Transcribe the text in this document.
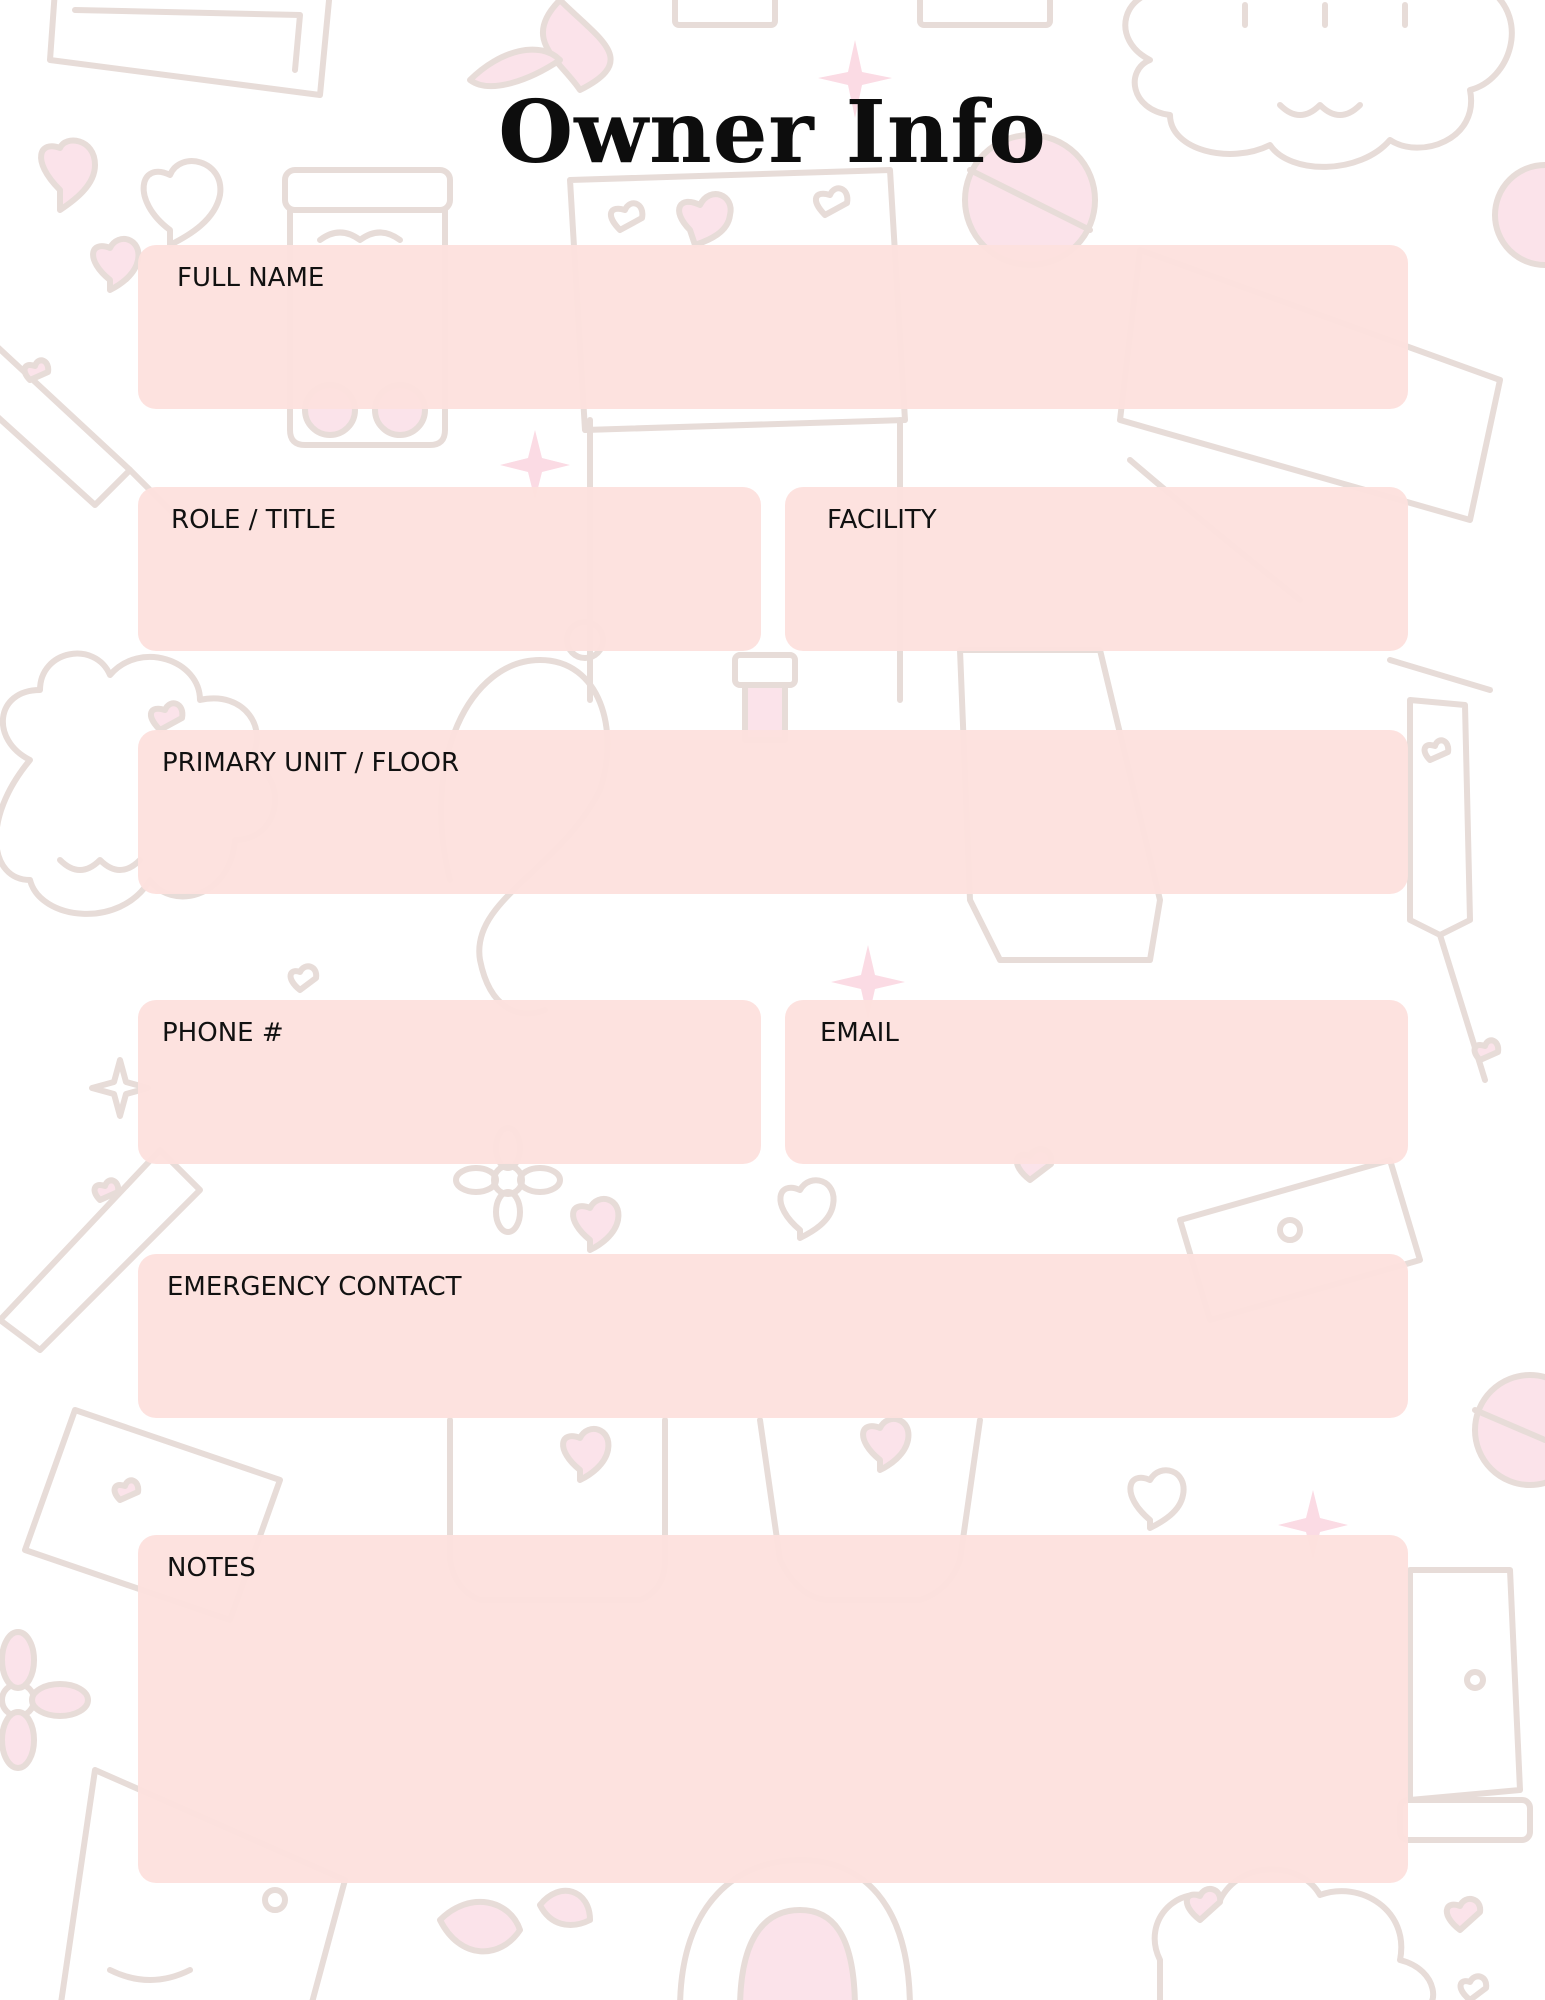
Owner Info
FULL NAME
ROLE / TITLE	FACILITY
PRIMARY UNIT / FLOOR
PHONE #	EMAIL
EMERGENCY CONTACT
NOTES
